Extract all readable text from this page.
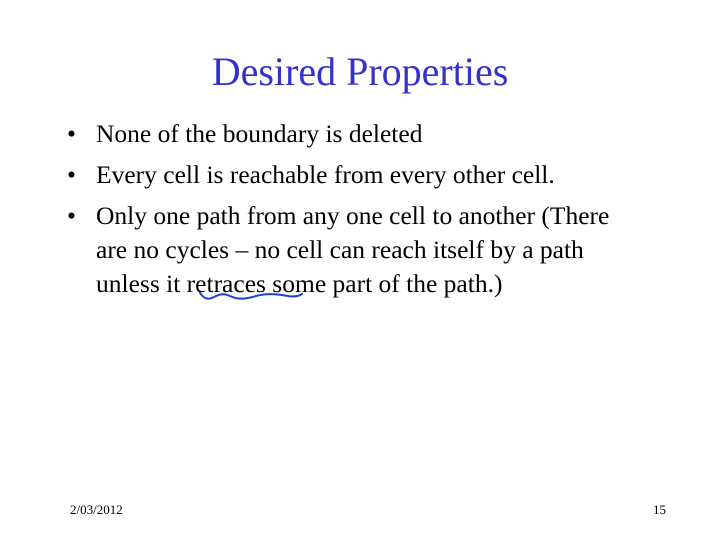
Desired Properties
• None of the boundary is deleted
• Every cell is reachable from every other cell.
• Only one path from any one cell to another (There
are no cycles – no cell can reach itself by a path
unless it retraces some part of the path.)
2/03/2012	15
